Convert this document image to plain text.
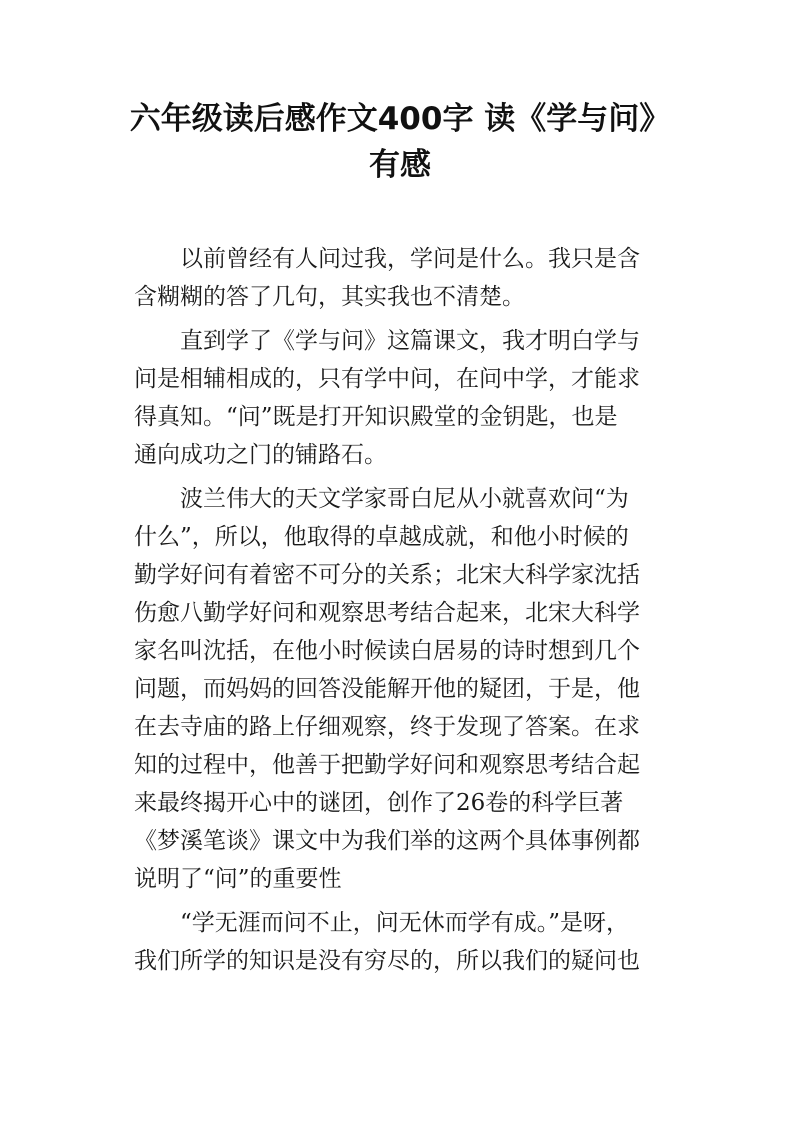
六年级读后感作文400字 读《学与问》
有感

以前曾经有人问过我，学问是什么。我只是含
含糊糊的答了几句，其实我也不清楚。

直到学了《学与问》这篇课文，我才明白学与
问是相辅相成的，只有学中问，在问中学，才能求
得真知。“问”既是打开知识殿堂的金钥匙，也是
通向成功之门的铺路石。

波兰伟大的天文学家哥白尼从小就喜欢问“为
什么”，所以，他取得的卓越成就，和他小时候的
勤学好问有着密不可分的关系；北宋大科学家沈括
伤愈八勤学好问和观察思考结合起来，北宋大科学
家名叫沈括，在他小时候读白居易的诗时想到几个
问题，而妈妈的回答没能解开他的疑团，于是，他
在去寺庙的路上仔细观察，终于发现了答案。在求
知的过程中，他善于把勤学好问和观察思考结合起
来最终揭开心中的谜团，创作了26卷的科学巨著
《梦溪笔谈》课文中为我们举的这两个具体事例都
说明了“问”的重要性

“学无涯而问不止，问无休而学有成。”是呀，
我们所学的知识是没有穷尽的，所以我们的疑问也
